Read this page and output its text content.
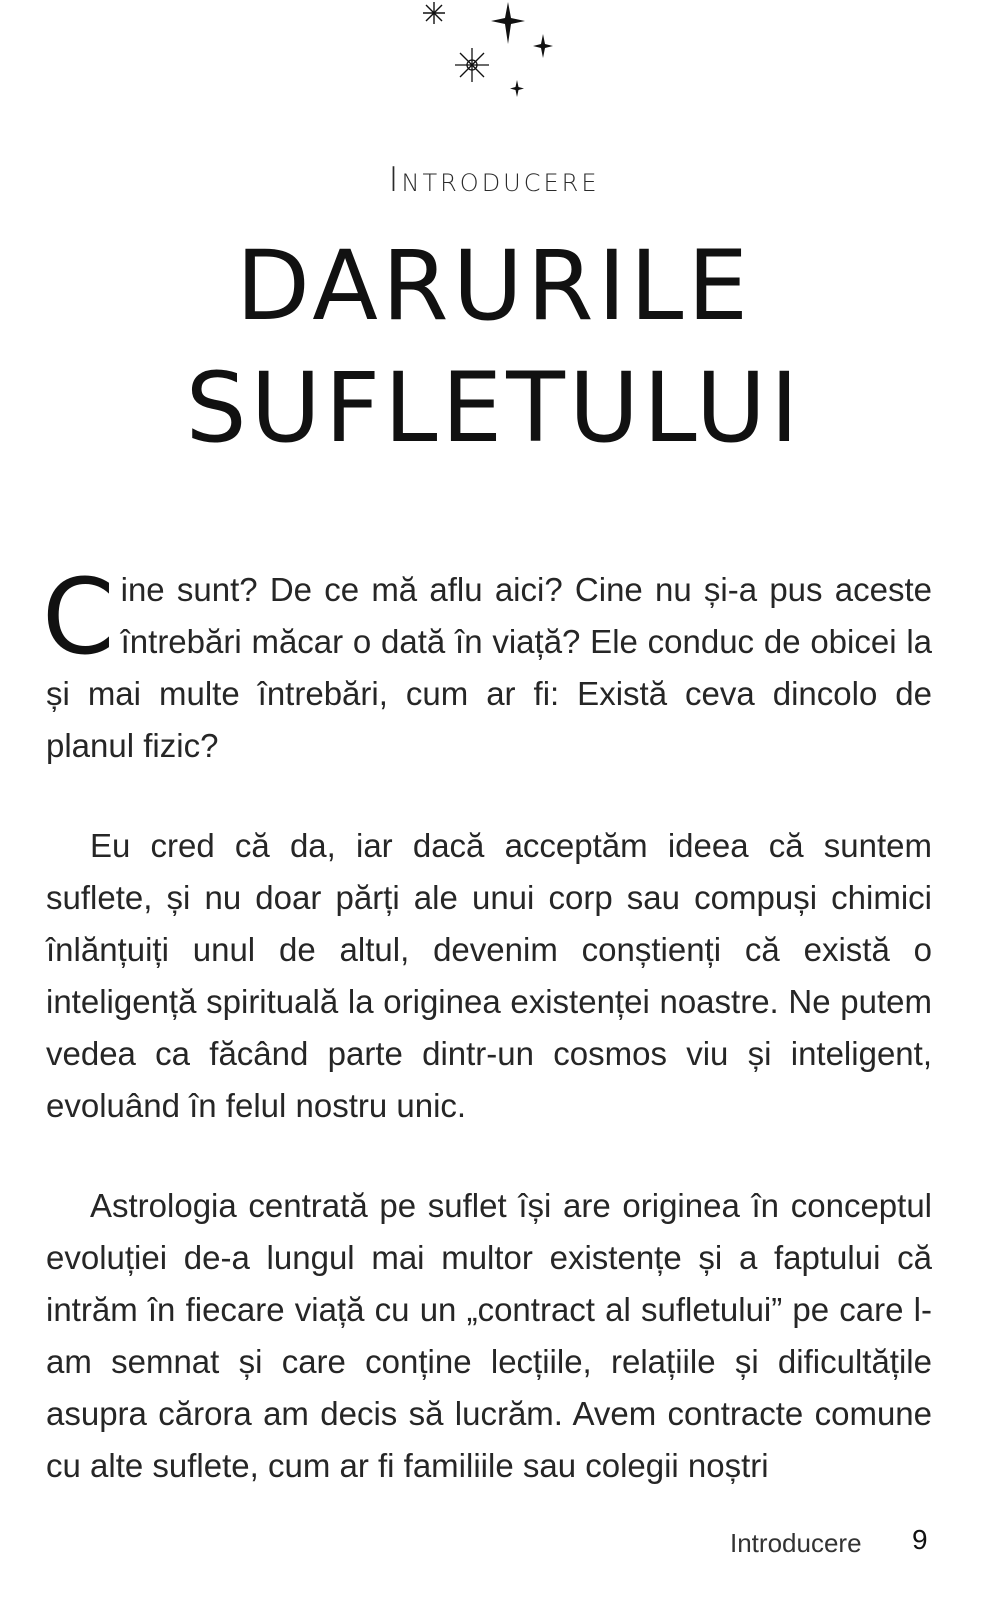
Introducere
DARURILE
SUFLETULUI
C ine sunt? De ce mă aflu aici? Cine nu și-a pus aceste întrebări măcar o dată în viață? Ele conduc de obicei la și mai multe întrebări, cum ar fi: Există ceva dincolo de planul fizic?
Eu cred că da, iar dacă acceptăm ideea că suntem suflete, și nu doar părți ale unui corp sau compuși chimici înlănțuiți unul de altul, devenim conștienți că există o inteligență spirituală la originea existenței noastre. Ne putem vedea ca făcând parte dintr-un cosmos viu și inteligent, evoluând în felul nostru unic.
Astrologia centrată pe suflet își are originea în conceptul evoluției de-a lungul mai multor existențe și a faptului că intrăm în fiecare viață cu un „contract al sufletului” pe care l-am semnat și care conține lecțiile, relațiile și dificultățile asupra cărora am decis să lucrăm. Avem contracte comune cu alte suflete, cum ar fi familiile sau colegii noștri
Introducere 9
